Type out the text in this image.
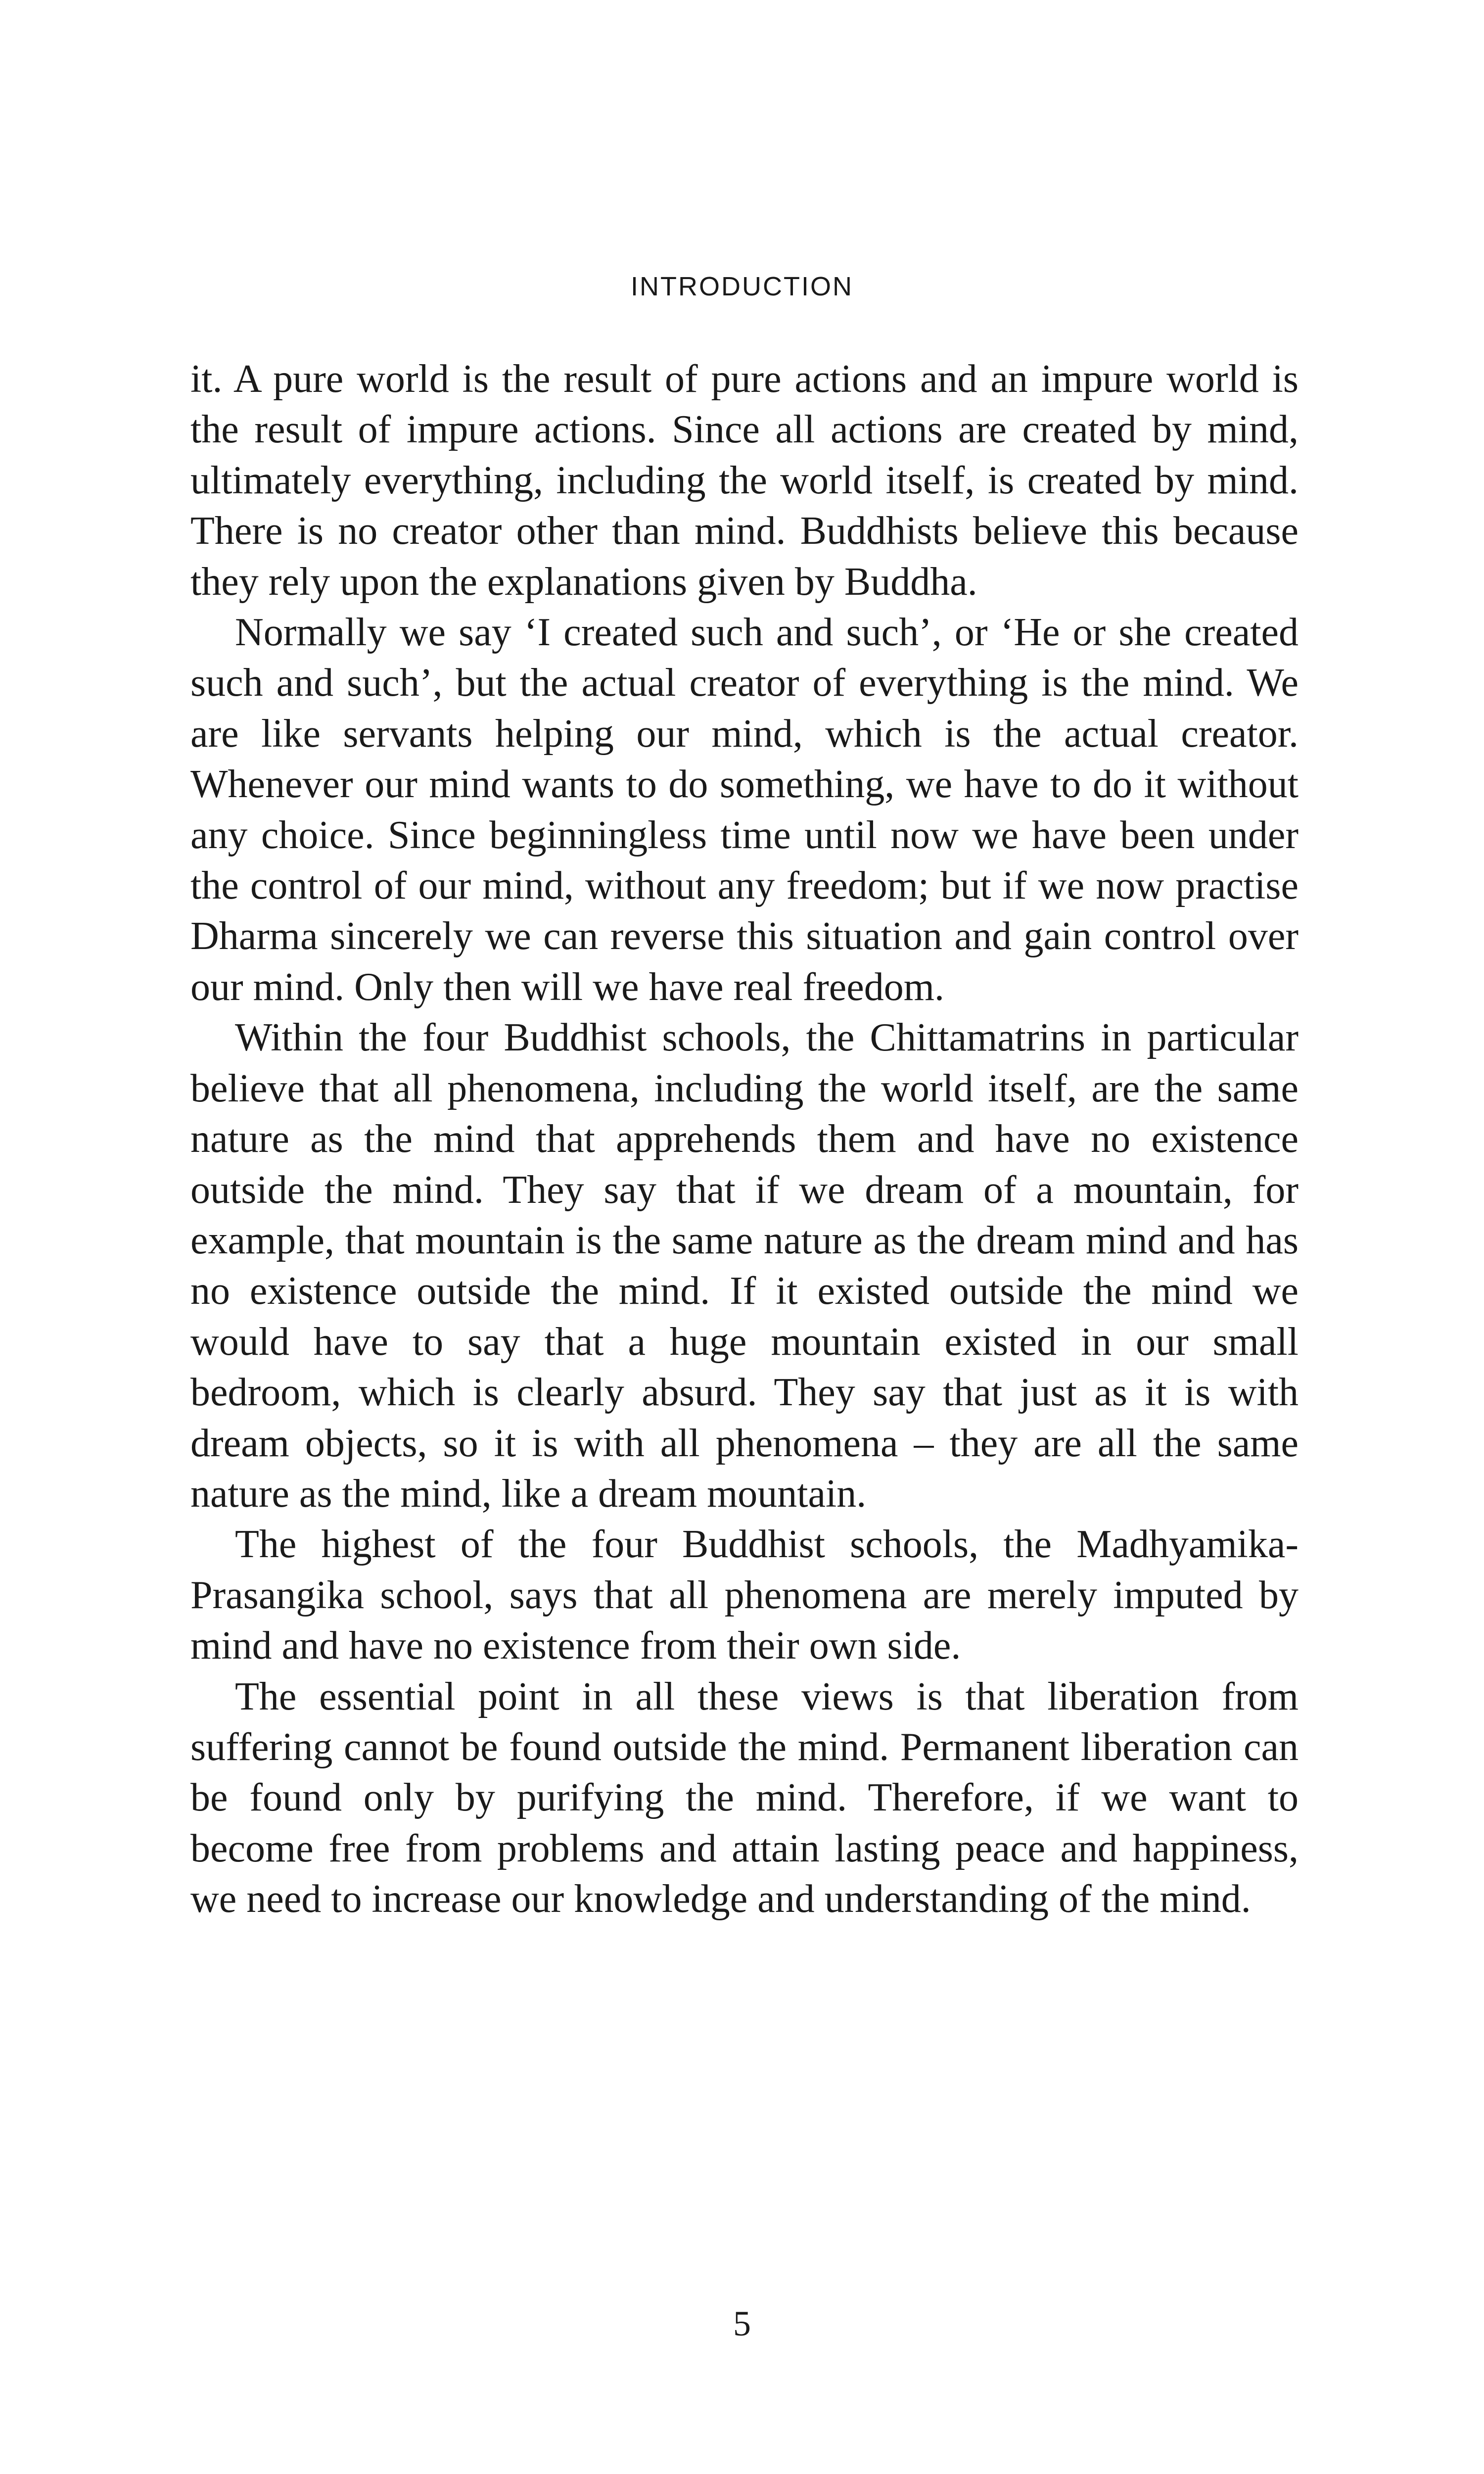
INTRODUCTION

it. A pure world is the result of pure actions and an impure world is the result of impure actions. Since all actions are created by mind, ultimately everything, including the world itself, is created by mind. There is no creator other than mind. Buddhists believe this because they rely upon the explanations given by Buddha.

Normally we say ‘I created such and such’, or ‘He or she created such and such’, but the actual creator of everything is the mind. We are like servants helping our mind, which is the actual creator. Whenever our mind wants to do something, we have to do it without any choice. Since beginningless time until now we have been under the control of our mind, without any freedom; but if we now practise Dharma sincerely we can reverse this situation and gain control over our mind. Only then will we have real freedom.

Within the four Buddhist schools, the Chittamatrins in particular believe that all phenomena, including the world itself, are the same nature as the mind that apprehends them and have no existence outside the mind. They say that if we dream of a mountain, for example, that mountain is the same nature as the dream mind and has no existence outside the mind. If it existed outside the mind we would have to say that a huge mountain existed in our small bedroom, which is clearly absurd. They say that just as it is with dream objects, so it is with all phenomena – they are all the same nature as the mind, like a dream mountain.

The highest of the four Buddhist schools, the Madhyamika-Prasangika school, says that all phenomena are merely imputed by mind and have no existence from their own side.

The essential point in all these views is that liberation from suffering cannot be found outside the mind. Permanent liberation can be found only by purifying the mind. Therefore, if we want to become free from problems and attain lasting peace and happiness, we need to increase our knowledge and understanding of the mind.

5
